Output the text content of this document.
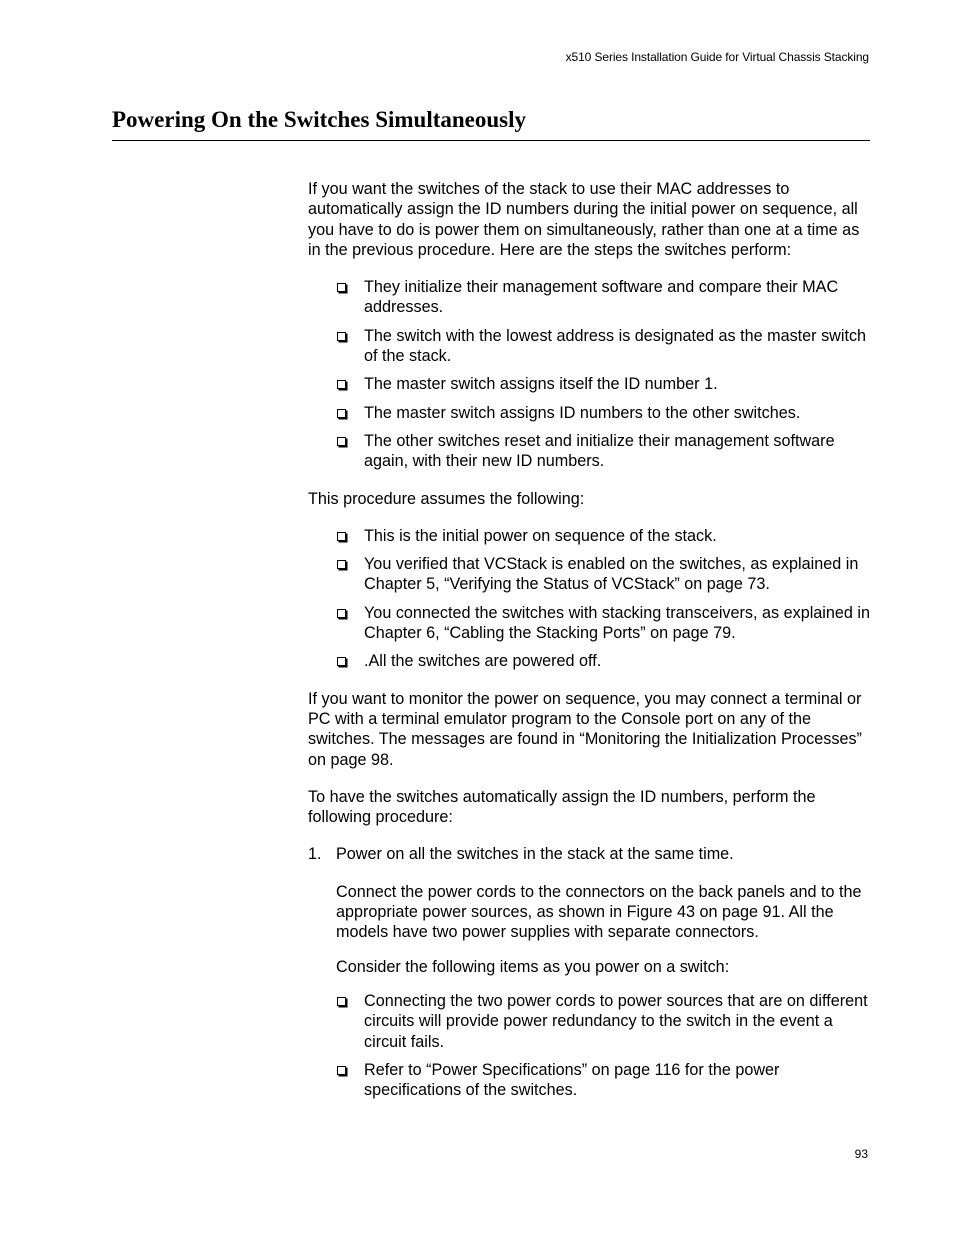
x510 Series Installation Guide for Virtual Chassis Stacking
Powering On the Switches Simultaneously

If you want the switches of the stack to use their MAC addresses to automatically assign the ID numbers during the initial power on sequence, all you have to do is power them on simultaneously, rather than one at a time as in the previous procedure. Here are the steps the switches perform:

They initialize their management software and compare their MAC addresses.
The switch with the lowest address is designated as the master switch of the stack.
The master switch assigns itself the ID number 1.
The master switch assigns ID numbers to the other switches.
The other switches reset and initialize their management software again, with their new ID numbers.

This procedure assumes the following:

This is the initial power on sequence of the stack.
You verified that VCStack is enabled on the switches, as explained in Chapter 5, “Verifying the Status of VCStack” on page 73.
You connected the switches with stacking transceivers, as explained in Chapter 6, “Cabling the Stacking Ports” on page 79.
.All the switches are powered off.

If you want to monitor the power on sequence, you may connect a terminal or PC with a terminal emulator program to the Console port on any of the switches. The messages are found in “Monitoring the Initialization Processes” on page 98.

To have the switches automatically assign the ID numbers, perform the following procedure:

1. Power on all the switches in the stack at the same time.

Connect the power cords to the connectors on the back panels and to the appropriate power sources, as shown in Figure 43 on page 91. All the models have two power supplies with separate connectors.

Consider the following items as you power on a switch:

Connecting the two power cords to power sources that are on different circuits will provide power redundancy to the switch in the event a circuit fails.
Refer to “Power Specifications” on page 116 for the power specifications of the switches.
93
